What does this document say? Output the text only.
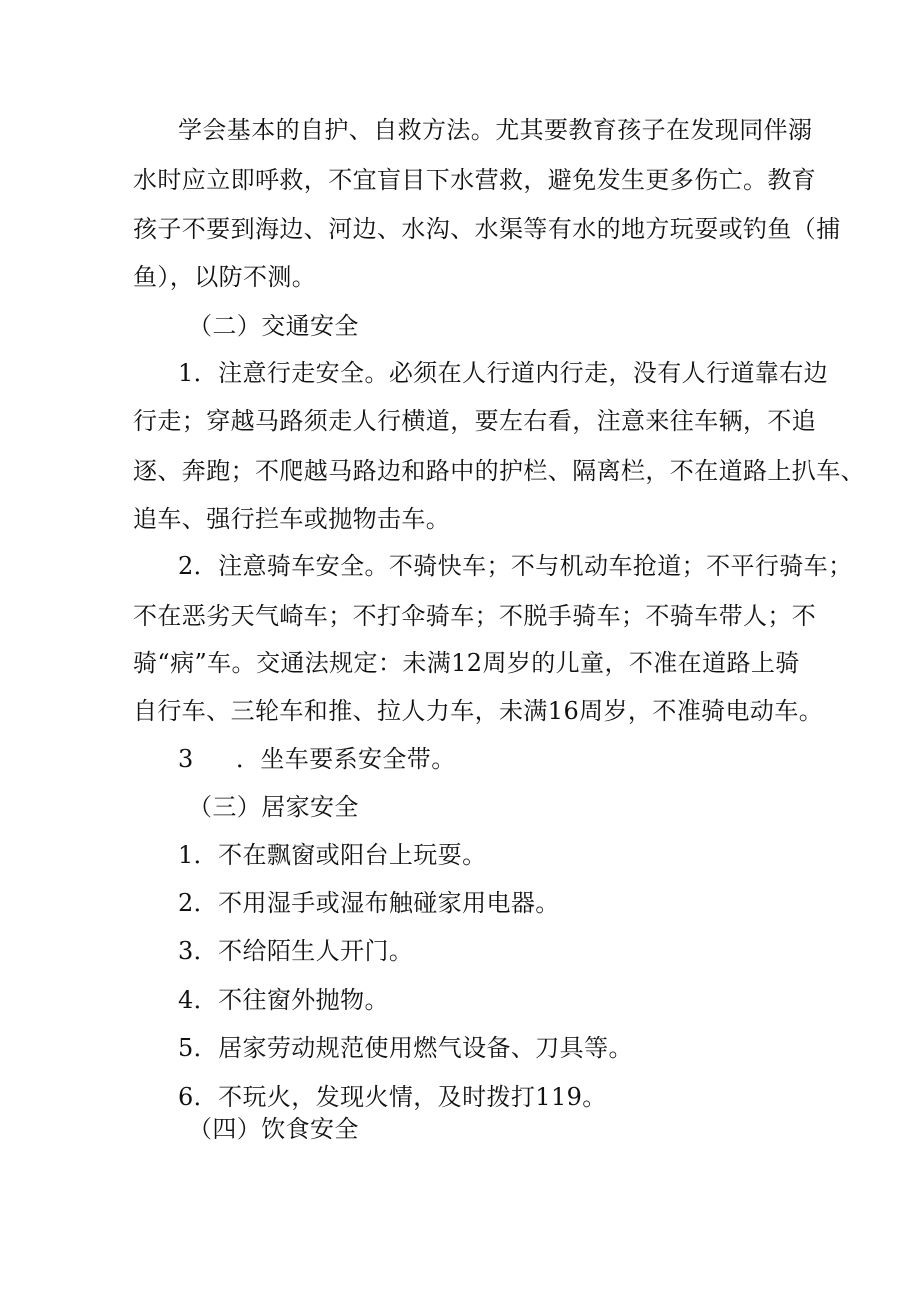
学会基本的自护、自救方法。尤其要教育孩子在发现同伴溺
水时应立即呼救，不宜盲目下水营救，避免发生更多伤亡。教育
孩子不要到海边、河边、水沟、水渠等有水的地方玩耍或钓鱼（捕
鱼），以防不测。
（二）交通安全
1．注意行走安全。必须在人行道内行走，没有人行道靠右边
行走；穿越马路须走人行横道，要左右看，注意来往车辆，不追
逐、奔跑；不爬越马路边和路中的护栏、隔离栏，不在道路上扒车、
追车、强行拦车或抛物击车。
2．注意骑车安全。不骑快车；不与机动车抢道；不平行骑车；
不在恶劣天气崎车；不打伞骑车；不脱手骑车；不骑车带人；不
骑“病”车。交通法规定：未满12周岁的儿童，不准在道路上骑
自行车、三轮车和推、拉人力车，未满16周岁，不准骑电动车。
3 ．坐车要系安全带。
（三）居家安全
1．不在飘窗或阳台上玩耍。
2．不用湿手或湿布触碰家用电器。
3．不给陌生人开门。
4．不往窗外抛物。
5．居家劳动规范使用燃气设备、刀具等。
6．不玩火，发现火情，及时拨打119。
（四）饮食安全
